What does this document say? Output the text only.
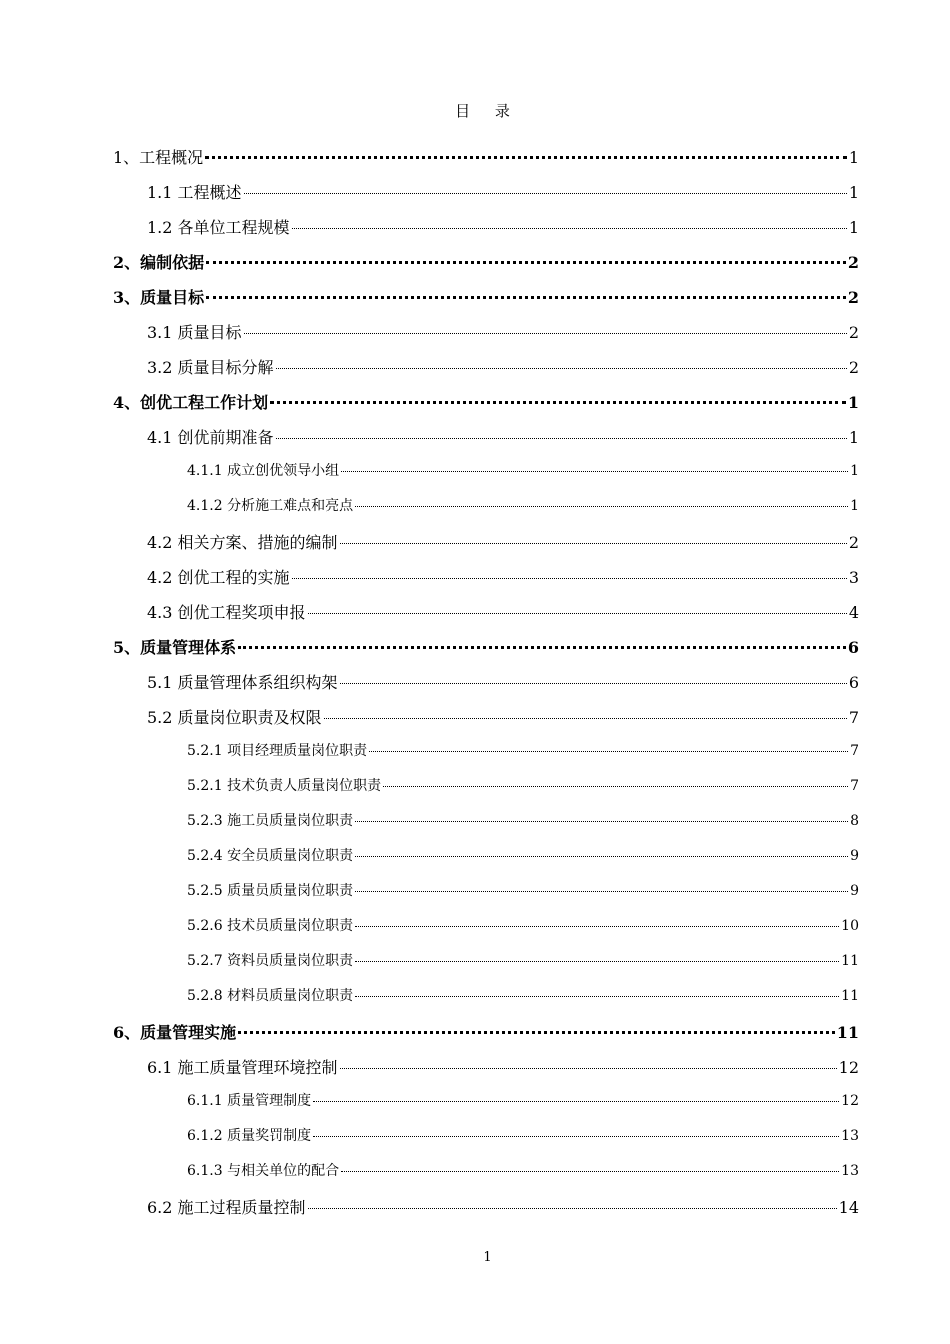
目 录
1、工程概况	1
1.1 工程概述	1
1.2 各单位工程规模	1
2、编制依据	2
3、质量目标	2
3.1 质量目标	2
3.2 质量目标分解	2
4、创优工程工作计划	1
4.1 创优前期准备	1
4.1.1 成立创优领导小组	1
4.1.2 分析施工难点和亮点	1
4.2 相关方案、措施的编制	2
4.2 创优工程的实施	3
4.3 创优工程奖项申报	4
5、质量管理体系	6
5.1 质量管理体系组织构架	6
5.2 质量岗位职责及权限	7
5.2.1 项目经理质量岗位职责	7
5.2.1 技术负责人质量岗位职责	7
5.2.3 施工员质量岗位职责	8
5.2.4 安全员质量岗位职责	9
5.2.5 质量员质量岗位职责	9
5.2.6 技术员质量岗位职责	10
5.2.7 资料员质量岗位职责	11
5.2.8 材料员质量岗位职责	11
6、质量管理实施	11
6.1 施工质量管理环境控制	12
6.1.1 质量管理制度	12
6.1.2 质量奖罚制度	13
6.1.3 与相关单位的配合	13
6.2 施工过程质量控制	14
1
